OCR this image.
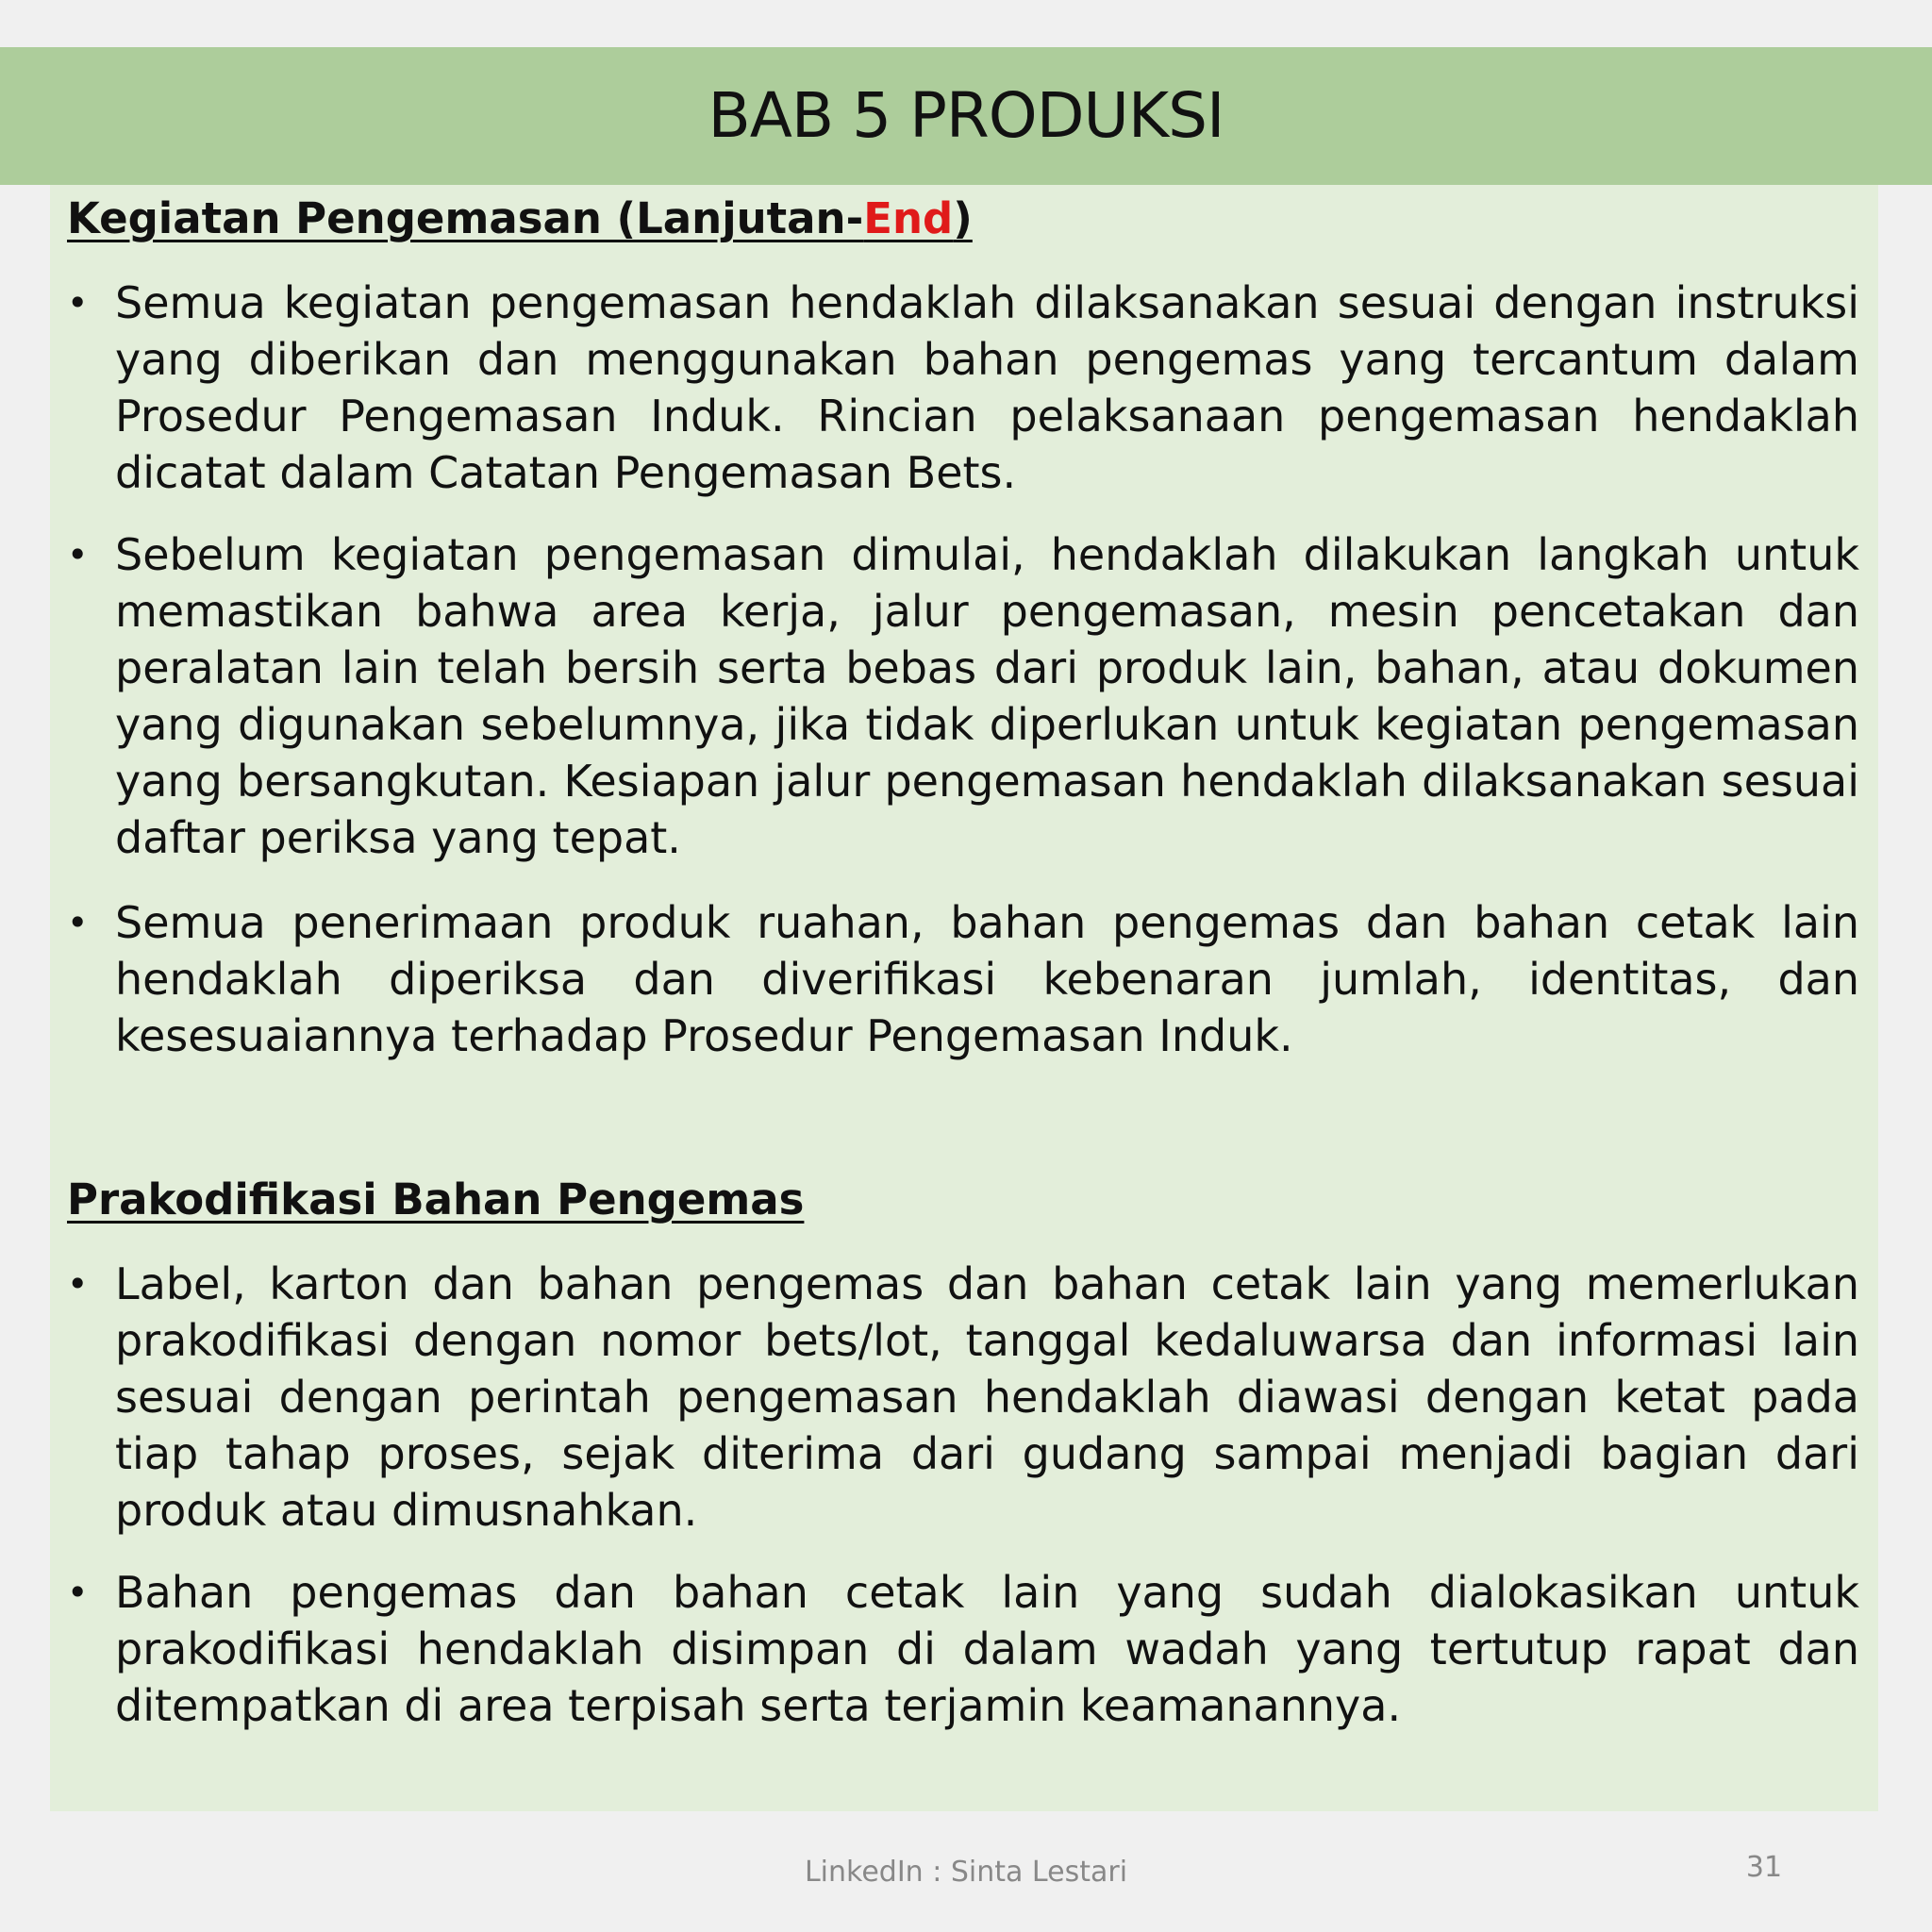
BAB 5 PRODUKSI
Kegiatan Pengemasan (Lanjutan-End)
• Semua kegiatan pengemasan hendaklah dilaksanakan sesuai dengan instruksi yang diberikan dan menggunakan bahan pengemas yang tercantum dalam Prosedur Pengemasan Induk. Rincian pelaksanaan pengemasan hendaklah dicatat dalam Catatan Pengemasan Bets.
• Sebelum kegiatan pengemasan dimulai, hendaklah dilakukan langkah untuk memastikan bahwa area kerja, jalur pengemasan, mesin pencetakan dan peralatan lain telah bersih serta bebas dari produk lain, bahan, atau dokumen yang digunakan sebelumnya, jika tidak diperlukan untuk kegiatan pengemasan yang bersangkutan. Kesiapan jalur pengemasan hendaklah dilaksanakan sesuai daftar periksa yang tepat.
• Semua penerimaan produk ruahan, bahan pengemas dan bahan cetak lain hendaklah diperiksa dan diverifikasi kebenaran jumlah, identitas, dan kesesuaiannya terhadap Prosedur Pengemasan Induk.
Prakodifikasi Bahan Pengemas
• Label, karton dan bahan pengemas dan bahan cetak lain yang memerlukan prakodifikasi dengan nomor bets/lot, tanggal kedaluwarsa dan informasi lain sesuai dengan perintah pengemasan hendaklah diawasi dengan ketat pada tiap tahap proses, sejak diterima dari gudang sampai menjadi bagian dari produk atau dimusnahkan.
• Bahan pengemas dan bahan cetak lain yang sudah dialokasikan untuk prakodifikasi hendaklah disimpan di dalam wadah yang tertutup rapat dan ditempatkan di area terpisah serta terjamin keamanannya.
LinkedIn : Sinta Lestari	31
